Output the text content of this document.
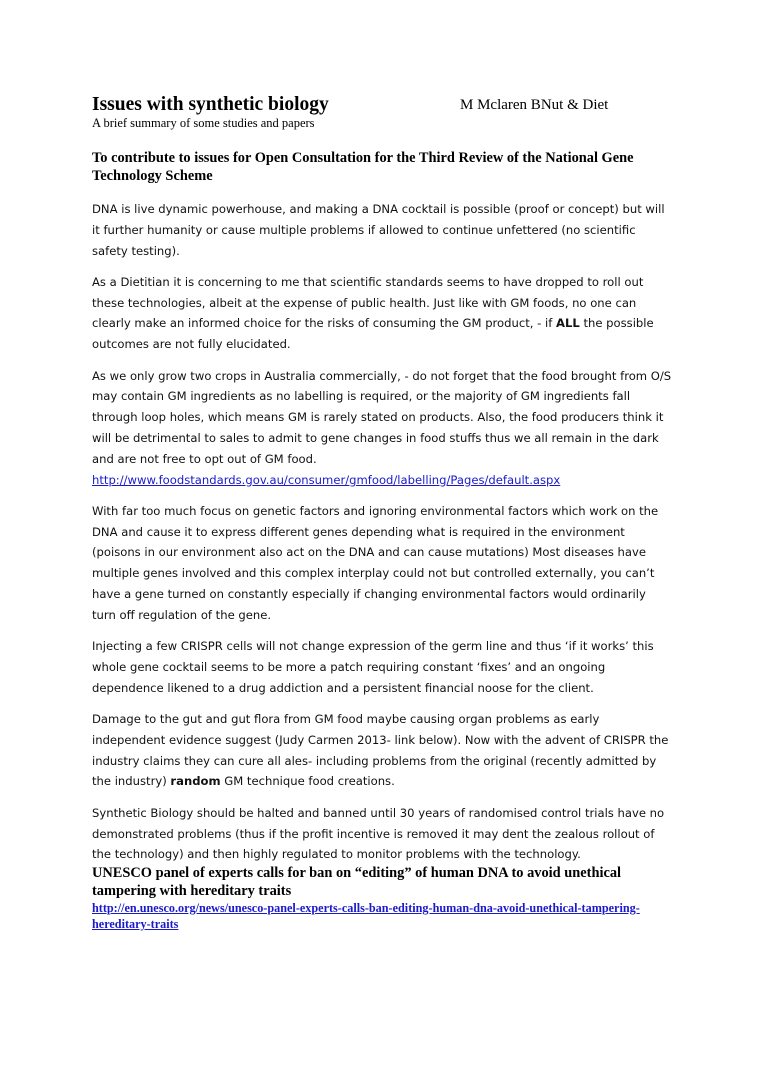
Issues with synthetic biology	M Mclaren BNut & Diet
A brief summary of some studies and papers
To contribute to issues for Open Consultation for the Third Review of the National Gene Technology Scheme

DNA is live dynamic powerhouse, and making a DNA cocktail is possible (proof or concept) but will it further humanity or cause multiple problems if allowed to continue unfettered (no scientific safety testing).

As a Dietitian it is concerning to me that scientific standards seems to have dropped to roll out these technologies, albeit at the expense of public health. Just like with GM foods, no one can clearly make an informed choice for the risks of consuming the GM product, - if ALL the possible outcomes are not fully elucidated.

As we only grow two crops in Australia commercially, - do not forget that the food brought from O/S may contain GM ingredients as no labelling is required, or the majority of GM ingredients fall through loop holes, which means GM is rarely stated on products. Also, the food producers think it will be detrimental to sales to admit to gene changes in food stuffs thus we all remain in the dark and are not free to opt out of GM food.
http://www.foodstandards.gov.au/consumer/gmfood/labelling/Pages/default.aspx

With far too much focus on genetic factors and ignoring environmental factors which work on the DNA and cause it to express different genes depending what is required in the environment (poisons in our environment also act on the DNA and can cause mutations) Most diseases have multiple genes involved and this complex interplay could not but controlled externally, you can’t have a gene turned on constantly especially if changing environmental factors would ordinarily turn off regulation of the gene.

Injecting a few CRISPR cells will not change expression of the germ line and thus ‘if it works’ this whole gene cocktail seems to be more a patch requiring constant ‘fixes’ and an ongoing dependence likened to a drug addiction and a persistent financial noose for the client.

Damage to the gut and gut flora from GM food maybe causing organ problems as early independent evidence suggest (Judy Carmen 2013- link below). Now with the advent of CRISPR the industry claims they can cure all ales- including problems from the original (recently admitted by the industry) random GM technique food creations.

Synthetic Biology should be halted and banned until 30 years of randomised control trials have no demonstrated problems (thus if the profit incentive is removed it may dent the zealous rollout of the technology) and then highly regulated to monitor problems with the technology.

UNESCO panel of experts calls for ban on “editing” of human DNA to avoid unethical tampering with hereditary traits

http://en.unesco.org/news/unesco-panel-experts-calls-ban-editing-human-dna-avoid-unethical-tampering-hereditary-traits
